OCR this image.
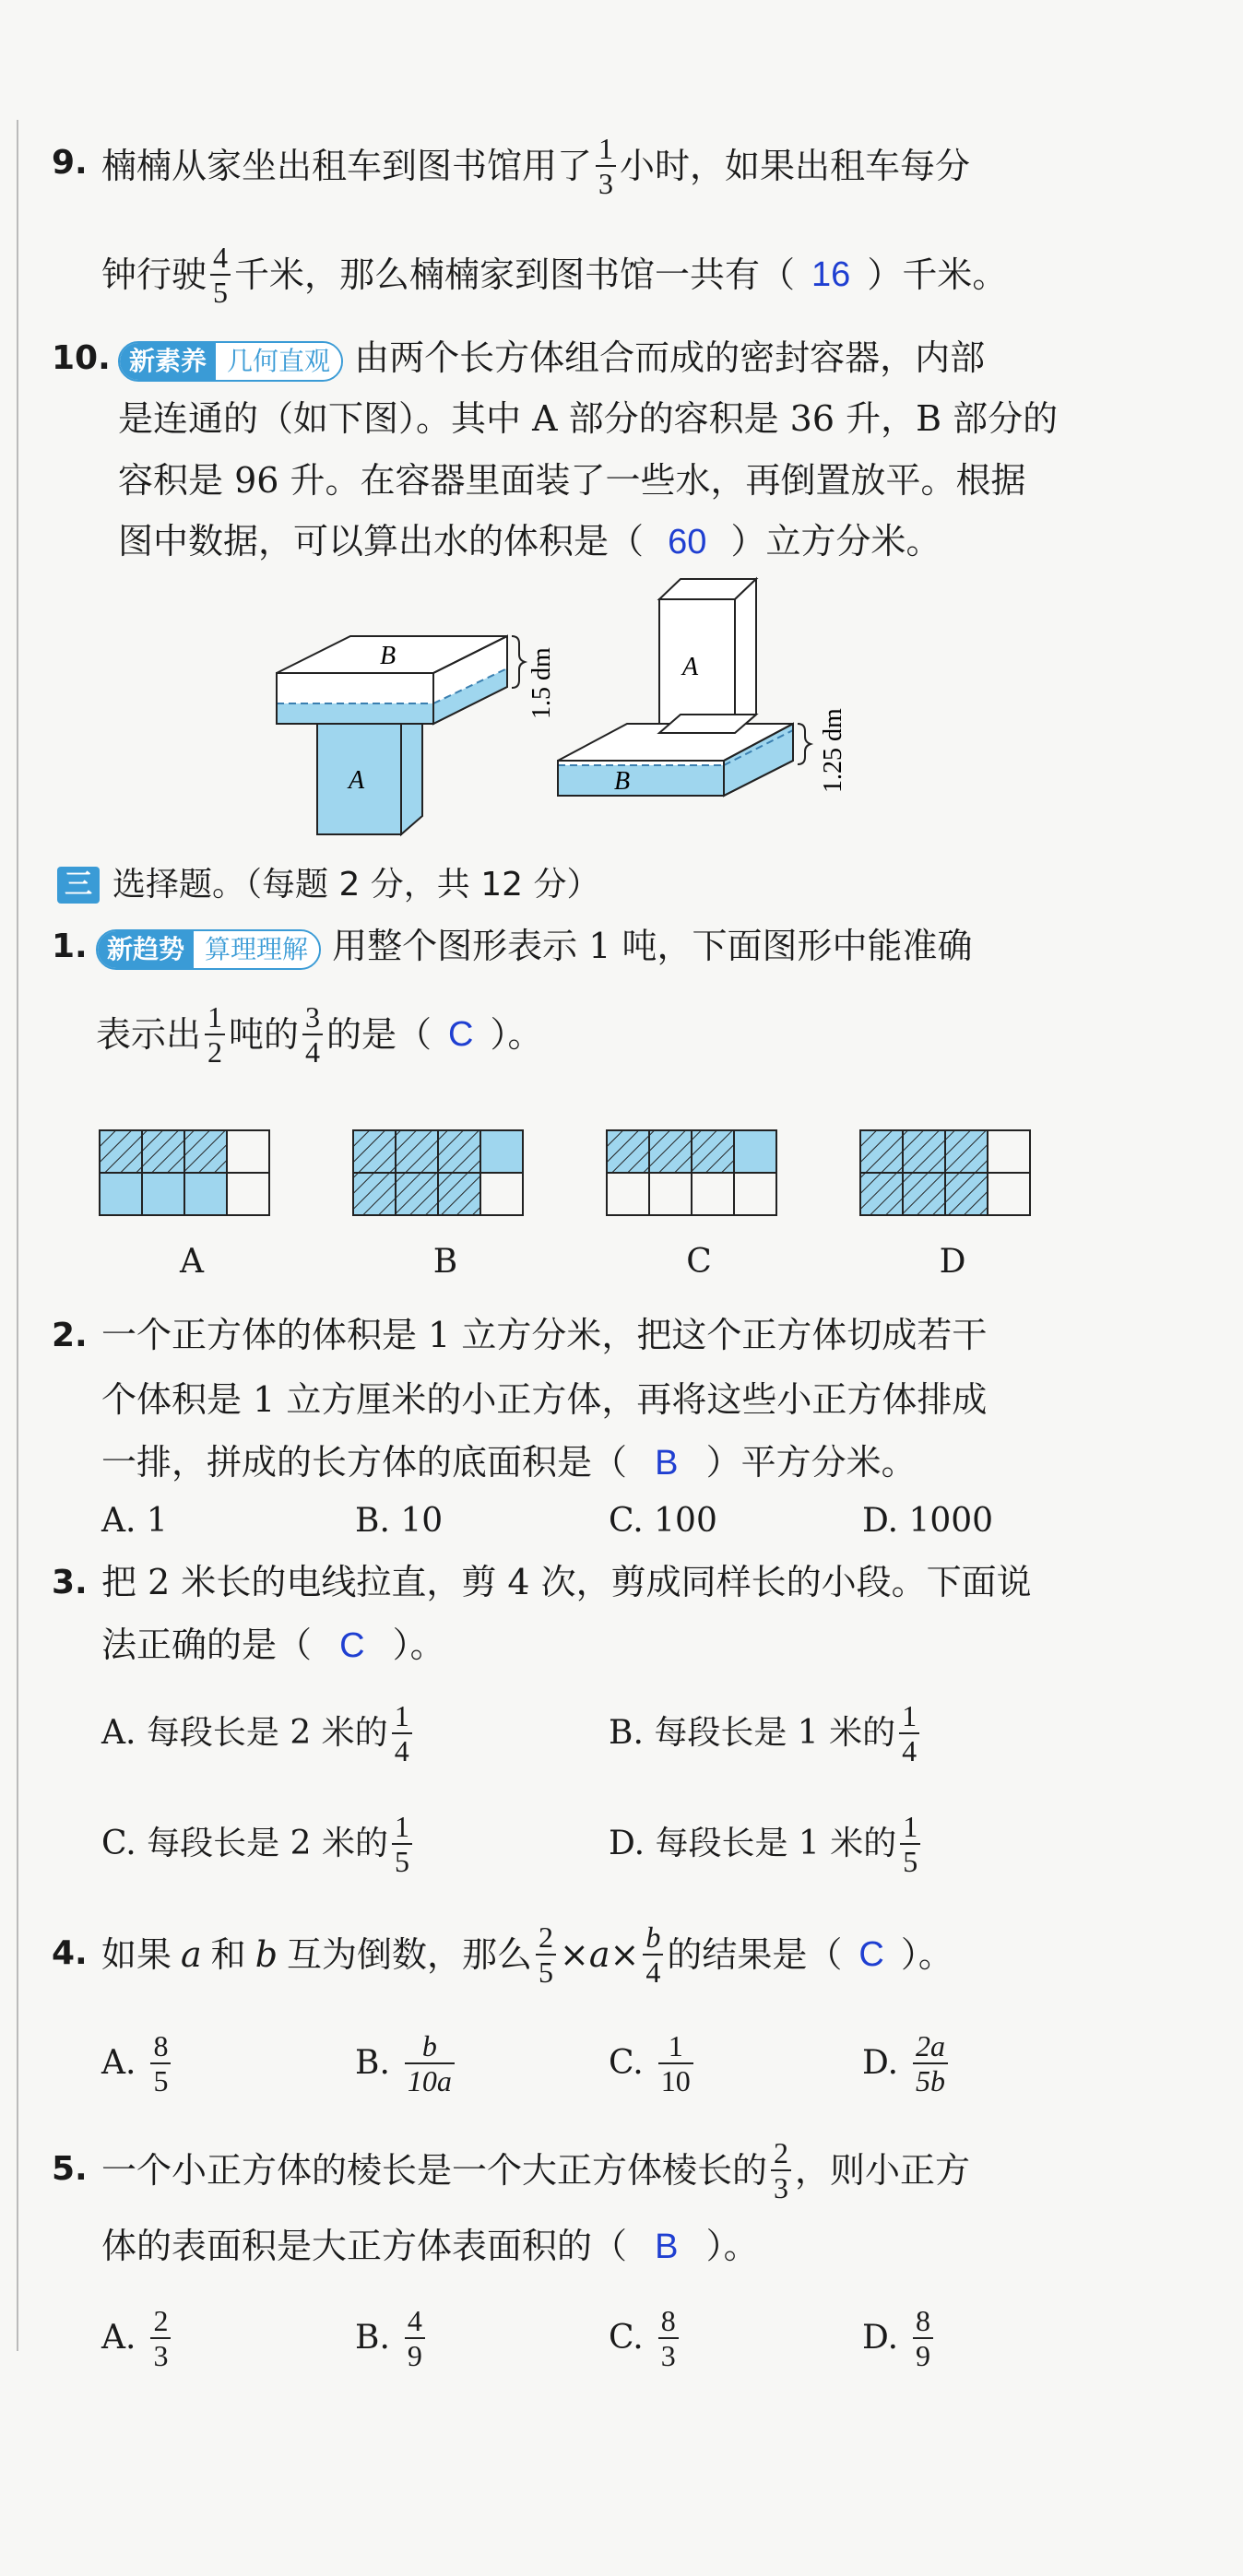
9. 楠楠从家坐出租车到图书馆用了 $\frac{1}{3}$ 小时，如果出租车每分
钟行驶 $\frac{4}{5}$ 千米，那么楠楠家到图书馆一共有（ 16 ）千米。
10. 新素养 几何直观 由两个长方体组合而成的密封容器，内部
是连通的（如下图）。其中 A 部分的容积是 36 升，B 部分的
容积是 96 升。在容器里面装了一些水，再倒置放平。根据
图中数据，可以算出水的体积是（ 60 ）立方分米。
B
A
1.5 dm	A
B	1.25 dm
三 选择题。（每题 2 分，共 12 分）
1. 新趋势 算理理解 用整个图形表示 1 吨，下面图形中能准确
表示出 $\frac{1}{2}$ 吨的 $\frac{3}{4}$ 的是（ C ）。
A	B	C	D
2. 一个正方体的体积是 1 立方分米，把这个正方体切成若干
个体积是 1 立方厘米的小正方体，再将这些小正方体排成
一排，拼成的长方体的底面积是（ B ）平方分米。
A. 1	B. 10	C. 100	D. 1000
3. 把 2 米长的电线拉直，剪 4 次，剪成同样长的小段。下面说
法正确的是（ C ）。
A. 每段长是 2 米的 $\frac{1}{4}$	B. 每段长是 1 米的 $\frac{1}{4}$
C. 每段长是 2 米的 $\frac{1}{5}$	D. 每段长是 1 米的 $\frac{1}{5}$
4. 如果 a 和 b 互为倒数，那么 $\frac{2}{5} \times a \times \frac{b}{4}$ 的结果是（ C ）。
A. $\frac{8}{5}$	B. $\frac{b}{10a}$	C. $\frac{1}{10}$	D. $\frac{2a}{5b}$
5. 一个小正方体的棱长是一个大正方体棱长的 $\frac{2}{3}$ ，则小正方
体的表面积是大正方体表面积的（ B ）。
A. $\frac{2}{3}$	B. $\frac{4}{9}$	C. $\frac{8}{3}$	D. $\frac{8}{9}$
